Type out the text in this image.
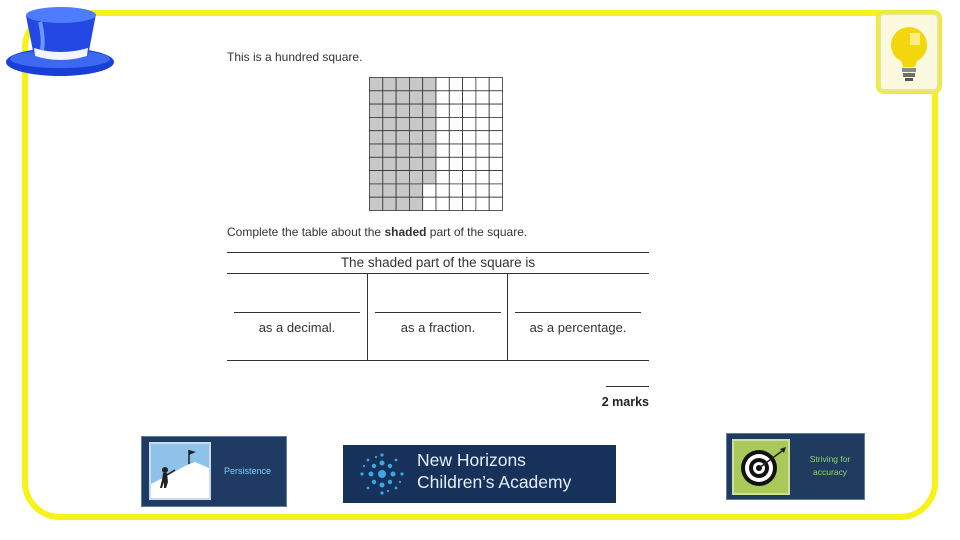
This is a hundred square.
Complete the table about the shaded part of the square.
The shaded part of the square is
as a decimal.	as a fraction.	as a percentage.
2 marks
Persistence
New Horizons
Children’s Academy
Striving for accuracy
